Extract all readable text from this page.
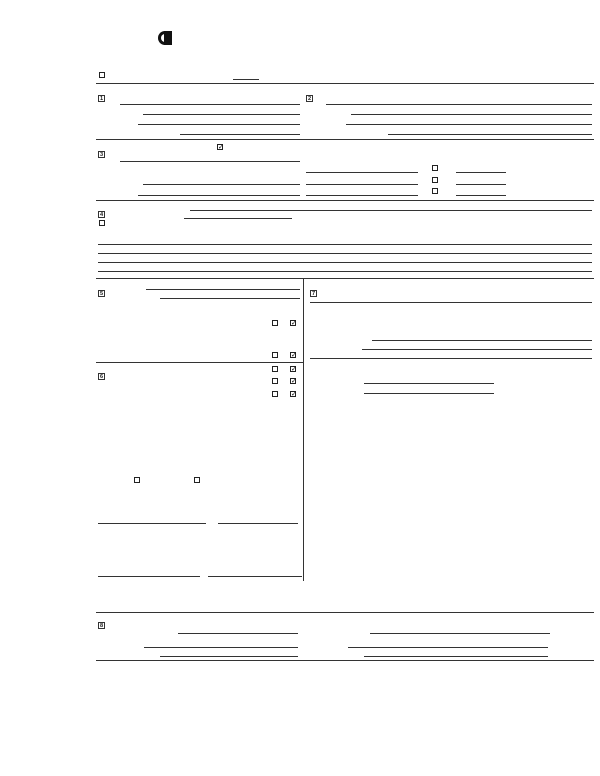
1	2
3
✓
4
5
✓
✓
6
✓
✓
✓
7
8
